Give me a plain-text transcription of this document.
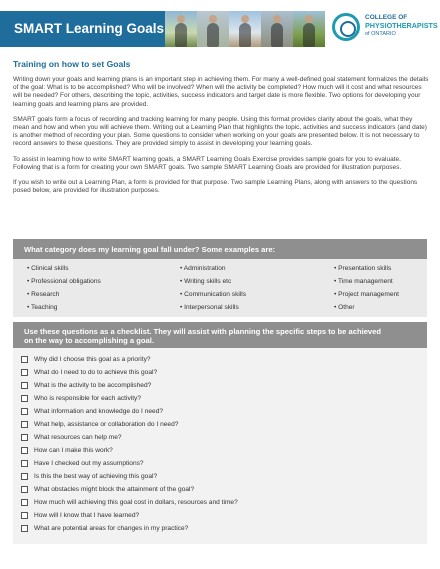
SMART Learning Goals
COLLEGE OF
PHYSIOTHERAPISTS
of ONTARIO
Training on how to set Goals

Writing down your goals and learning plans is an important step in achieving them. For many a well-defined goal statement formalizes the details of the goal: What is to be accomplished? Who will be involved? When will the activity be completed? How much will it cost and what resources will be needed? For others, describing the topic, activities, success indicators and target date is more flexible. Two options for developing your learning goals and learning plans are provided.

SMART goals form a focus of recording and tracking learning for many people. Using this format provides clarity about the goals, what they mean and how and when you will achieve them. Writing out a Learning Plan that highlights the topic, activities and success indicators (and date) is another method of recording your plan. Some questions to consider when working on your goals are presented below. It is not necessary to record answers to these questions. They are provided simply to assist in developing your learning goals.

To assist in learning how to write SMART learning goals, a SMART Learning Goals Exercise provides sample goals for you to evaluate. Following that is a form for creating your own SMART goals. Two sample SMART Learning Goals are provided for illustration purposes.

If you wish to write out a Learning Plan, a form is provided for that purpose. Two sample Learning Plans, along with answers to the questions posed below, are provided for illustration purposes.

What category does my learning goal fall under? Some examples are:
• Clinical skills
• Professional obligations
• Research
• Teaching
• Administration
• Writing skills etc
• Communication skills
• Interpersonal skills
• Presentation skills
• Time management
• Project management
• Other
Use these questions as a checklist. They will assist with planning the specific steps to be achieved
on the way to accomplishing a goal.
Why did I choose this goal as a priority?
What do I need to do to achieve this goal?
What is the activity to be accomplished?
Who is responsible for each activity?
What information and knowledge do I need?
What help, assistance or collaboration do I need?
What resources can help me?
How can I make this work?
Have I checked out my assumptions?
Is this the best way of achieving this goal?
What obstacles might block the attainment of the goal?
How much will achieving this goal cost in dollars, resources and time?
How will I know that I have learned?
What are potential areas for changes in my practice?
